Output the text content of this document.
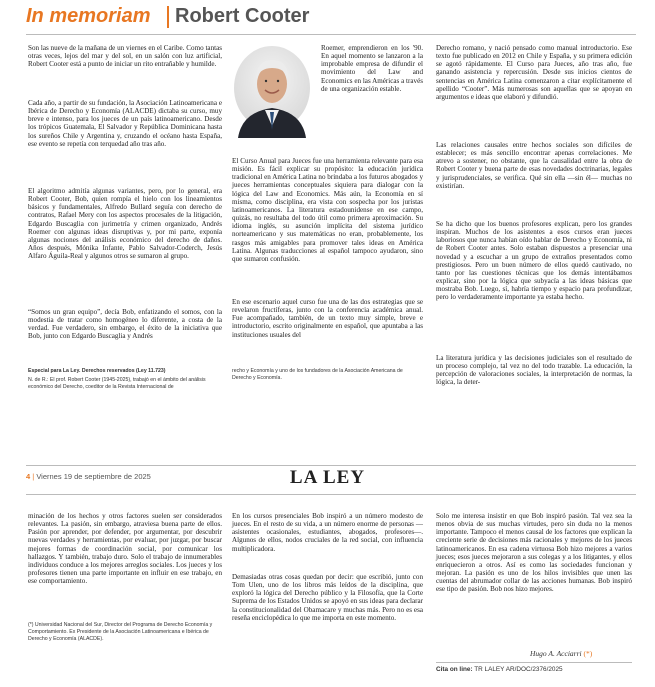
In memoriam Robert Cooter

Son las nueve de la mañana de un viernes en el Caribe. Como tantas otras veces, lejos del mar y del sol, en un salón con luz artificial, Robert Cooter está a punto de iniciar un rito entrañable y humilde.

Cada año, a partir de su fundación, la Asociación Latinoamericana e Ibérica de Derecho y Economía (ALACDE) dictaba su curso, muy breve e intenso, para los jueces de un país latinoamericano. Desde los trópicos Guatemala, El Salvador y República Dominicana hasta los sureños Chile y Argentina y, cruzando el océano hasta España, ese evento se repetía con terquedad año tras año.

El algoritmo admitía algunas variantes, pero, por lo general, era Robert Cooter, Bob, quien rompía el hielo con los lineamientos básicos y fundamentales, Alfredo Bullard seguía con derecho de contratos, Rafael Mery con los aspectos procesales de la litigación, Edgardo Buscaglia con jurimetría y crimen organizado, Andrés Roemer con algunas ideas disruptivas y, por mi parte, exponía algunas nociones del análisis económico del derecho de daños. Años después, Mónika Infante, Pablo Salvador-Coderch, Jesús Alfaro Águila-Real y algunos otros se sumaron al grupo.

“Somos un gran equipo”, decía Bob, enfatizando el somos, con la modestia de tratar como homogéneo lo diferente, a costa de la verdad. Fue verdadero, sin embargo, el éxito de la iniciativa que Bob, junto con Edgardo Buscaglia y Andrés

Especial para La Ley. Derechos reservados (Ley 11.723)
N. de R.: El prof. Robert Cooter (1945-2025), trabajó en el ámbito del análisis económico del Derecho, coeditor de la Revista Internacional de

Roemer, emprendieron en los '90. En aquel momento se lanzaron a la improbable empresa de difundir el movimiento del Law and Economics en las Américas a través de una organización estable.

El Curso Anual para Jueces fue una herramienta relevante para esa misión. Es fácil explicar su propósito: la educación jurídica tradicional en América Latina no brindaba a los futuros abogados y jueces herramientas conceptuales siquiera para dialogar con la lógica del Law and Economics. Más aún, la Economía en sí misma, como disciplina, era vista con sospecha por los juristas latinoamericanos. La literatura estadounidense en ese campo, quizás, no resultaba del todo útil como primera aproximación. Su idioma inglés, su asunción implícita del sistema jurídico norteamericano y sus matemáticas no eran, probablemente, los rasgos más amigables para promover tales ideas en América Latina. Algunas traducciones al español tampoco ayudaron, sino que sumaron confusión.

En ese escenario aquel curso fue una de las dos estrategias que se revelaron fructíferas, junto con la conferencia académica anual. Fue acompañado, también, de un texto muy simple, breve e introductorio, escrito originalmente en español, que apuntaba a las instituciones usuales del

recho y Economía y uno de los fundadores de la Asociación Americana de Derecho y Economía.

Derecho romano, y nació pensado como manual introductorio. Ese texto fue publicado en 2012 en Chile y España, y su primera edición se agotó rápidamente. El Curso para Jueces, año tras año, fue ganando asistencia y repercusión. Desde sus inicios cientos de sentencias en América Latina comenzaron a citar explícitamente el apellido “Cooter”. Más numerosas son aquellas que se apoyan en argumentos e ideas que elaboró y difundió.

Las relaciones causales entre hechos sociales son difíciles de establecer; es más sencillo encontrar apenas correlaciones. Me atrevo a sostener, no obstante, que la causalidad entre la obra de Robert Cooter y buena parte de esas novedades doctrinarias, legales y jurisprudenciales, se verifica. Qué sin ella —sin él— muchas no existirían.

Se ha dicho que los buenos profesores explican, pero los grandes inspiran. Muchos de los asistentes a esos cursos eran jueces laboriosos que nunca habían oído hablar de Derecho y Economía, ni de Robert Cooter antes. Solo estaban dispuestos a presenciar una novedad y a escuchar a un grupo de extraños presentados como prestigiosos. Pero un buen número de ellos quedó cautivado, no tanto por las cuestiones técnicas que los demás intentábamos explicar, sino por la lógica que subyacía a las ideas básicas que mostraba Bob. Luego, sí, habría tiempo y espacio para profundizar, pero lo verdaderamente importante ya estaba hecho.

La literatura jurídica y las decisiones judiciales son el resultado de un proceso complejo, tal vez no del todo trazable. La educación, la percepción de valoraciones sociales, la interpretación de normas, la lógica, la deter-

4 | Viernes 19 de septiembre de 2025	LA LEY

minación de los hechos y otros factores suelen ser considerados relevantes. La pasión, sin embargo, atraviesa buena parte de ellos. Pasión por aprender, por defender, por argumentar, por descubrir nuevas verdades y herramientas, por evaluar, por juzgar, por buscar mejores formas de coordinación social, por comunicar los hallazgos. Y también, trabajo duro. Solo el trabajo de innumerables individuos conduce a los mejores arreglos sociales. Los jueces y los profesores tienen una parte importante en influir en ese trabajo, en ese comportamiento.

(*) Universidad Nacional del Sur, Director del Programa de Derecho Economía y Comportamiento. Ex Presidente de la Asociación Latinoamericana e Ibérica de Derecho y Economía (ALACDE).

En los cursos presenciales Bob inspiró a un número modesto de jueces. En el resto de su vida, a un número enorme de personas —asistentes ocasionales, estudiantes, abogados, profesores—. Algunos de ellos, nodos cruciales de la red social, con influencia multiplicadora.

Demasiadas otras cosas quedan por decir: que escribió, junto con Tom Ulen, uno de los libros más leídos de la disciplina, que exploró la lógica del Derecho público y la Filosofía, que la Corte Suprema de los Estados Unidos se apoyó en sus ideas para declarar la constitucionalidad del Obamacare y muchas más. Pero no es esa reseña enciclopédica lo que me importa en este momento.

Solo me interesa insistir en que Bob inspiró pasión. Tal vez sea la menos obvia de sus muchas virtudes, pero sin duda no la menos importante. Tampoco el menos causal de los factores que explican la creciente serie de decisiones más racionales y mejores de los jueces latinoamericanos. En esa cadena virtuosa Bob hizo mejores a varios jueces; esos jueces mejoraron a sus colegas y a los litigantes, y ellos enriquecieron a otros. Así es como las sociedades funcionan y mejoran. La pasión es uno de los hilos invisibles que unen las cuentas del abrumador collar de las acciones humanas. Bob inspiró ese tipo de pasión. Bob nos hizo mejores.

Hugo A. Acciarri (*)
Cita on line: TR LALEY AR/DOC/2376/2025
